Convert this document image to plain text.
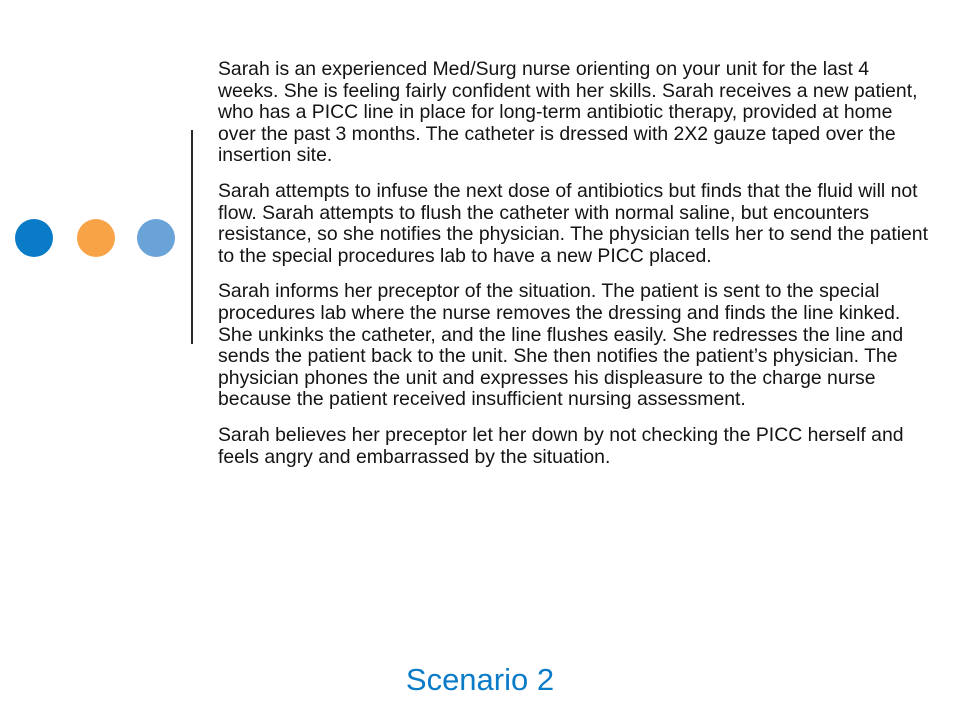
Sarah is an experienced Med/Surg nurse orienting on your unit for the last 4 weeks. She is feeling fairly confident with her skills. Sarah receives a new patient, who has a PICC line in place for long-term antibiotic therapy, provided at home over the past 3 months. The catheter is dressed with 2X2 gauze taped over the insertion site.

Sarah attempts to infuse the next dose of antibiotics but finds that the fluid will not flow. Sarah attempts to flush the catheter with normal saline, but encounters resistance, so she notifies the physician. The physician tells her to send the patient to the special procedures lab to have a new PICC placed.

Sarah informs her preceptor of the situation. The patient is sent to the special procedures lab where the nurse removes the dressing and finds the line kinked. She unkinks the catheter, and the line flushes easily. She redresses the line and sends the patient back to the unit. She then notifies the patient’s physician. The physician phones the unit and expresses his displeasure to the charge nurse because the patient received insufficient nursing assessment.

Sarah believes her preceptor let her down by not checking the PICC herself and feels angry and embarrassed by the situation.

Scenario 2
